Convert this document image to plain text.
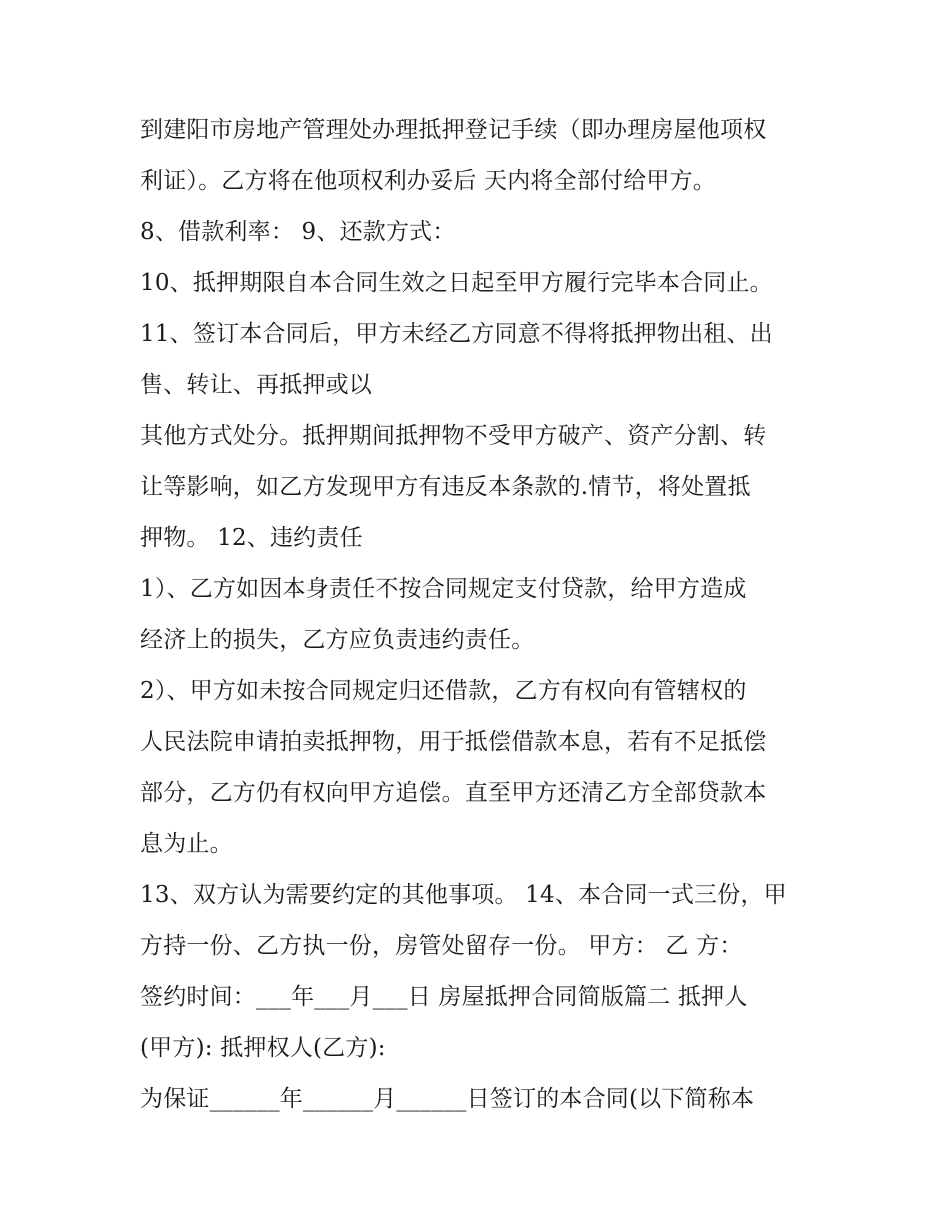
到建阳市房地产管理处办理抵押登记手续（即办理房屋他项权
利证）。乙方将在他项权利办妥后 天内将全部付给甲方。
8、借款利率： 9、还款方式：
10、抵押期限自本合同生效之日起至甲方履行完毕本合同止。
11、签订本合同后，甲方未经乙方同意不得将抵押物出租、出
售、转让、再抵押或以
其他方式处分。抵押期间抵押物不受甲方破产、资产分割、转
让等影响，如乙方发现甲方有违反本条款的.情节，将处置抵
押物。 12、违约责任
1）、乙方如因本身责任不按合同规定支付贷款，给甲方造成
经济上的损失，乙方应负责违约责任。
2）、甲方如未按合同规定归还借款，乙方有权向有管辖权的
人民法院申请拍卖抵押物，用于抵偿借款本息，若有不足抵偿
部分，乙方仍有权向甲方追偿。直至甲方还清乙方全部贷款本
息为止。
13、双方认为需要约定的其他事项。 14、本合同一式三份，甲
方持一份、乙方执一份，房管处留存一份。 甲方： 乙 方：
签约时间：___年___月___日 房屋抵押合同简版篇二 抵押人
(甲方): 抵押权人(乙方):
为保证______年______月______日签订的本合同(以下简称本
